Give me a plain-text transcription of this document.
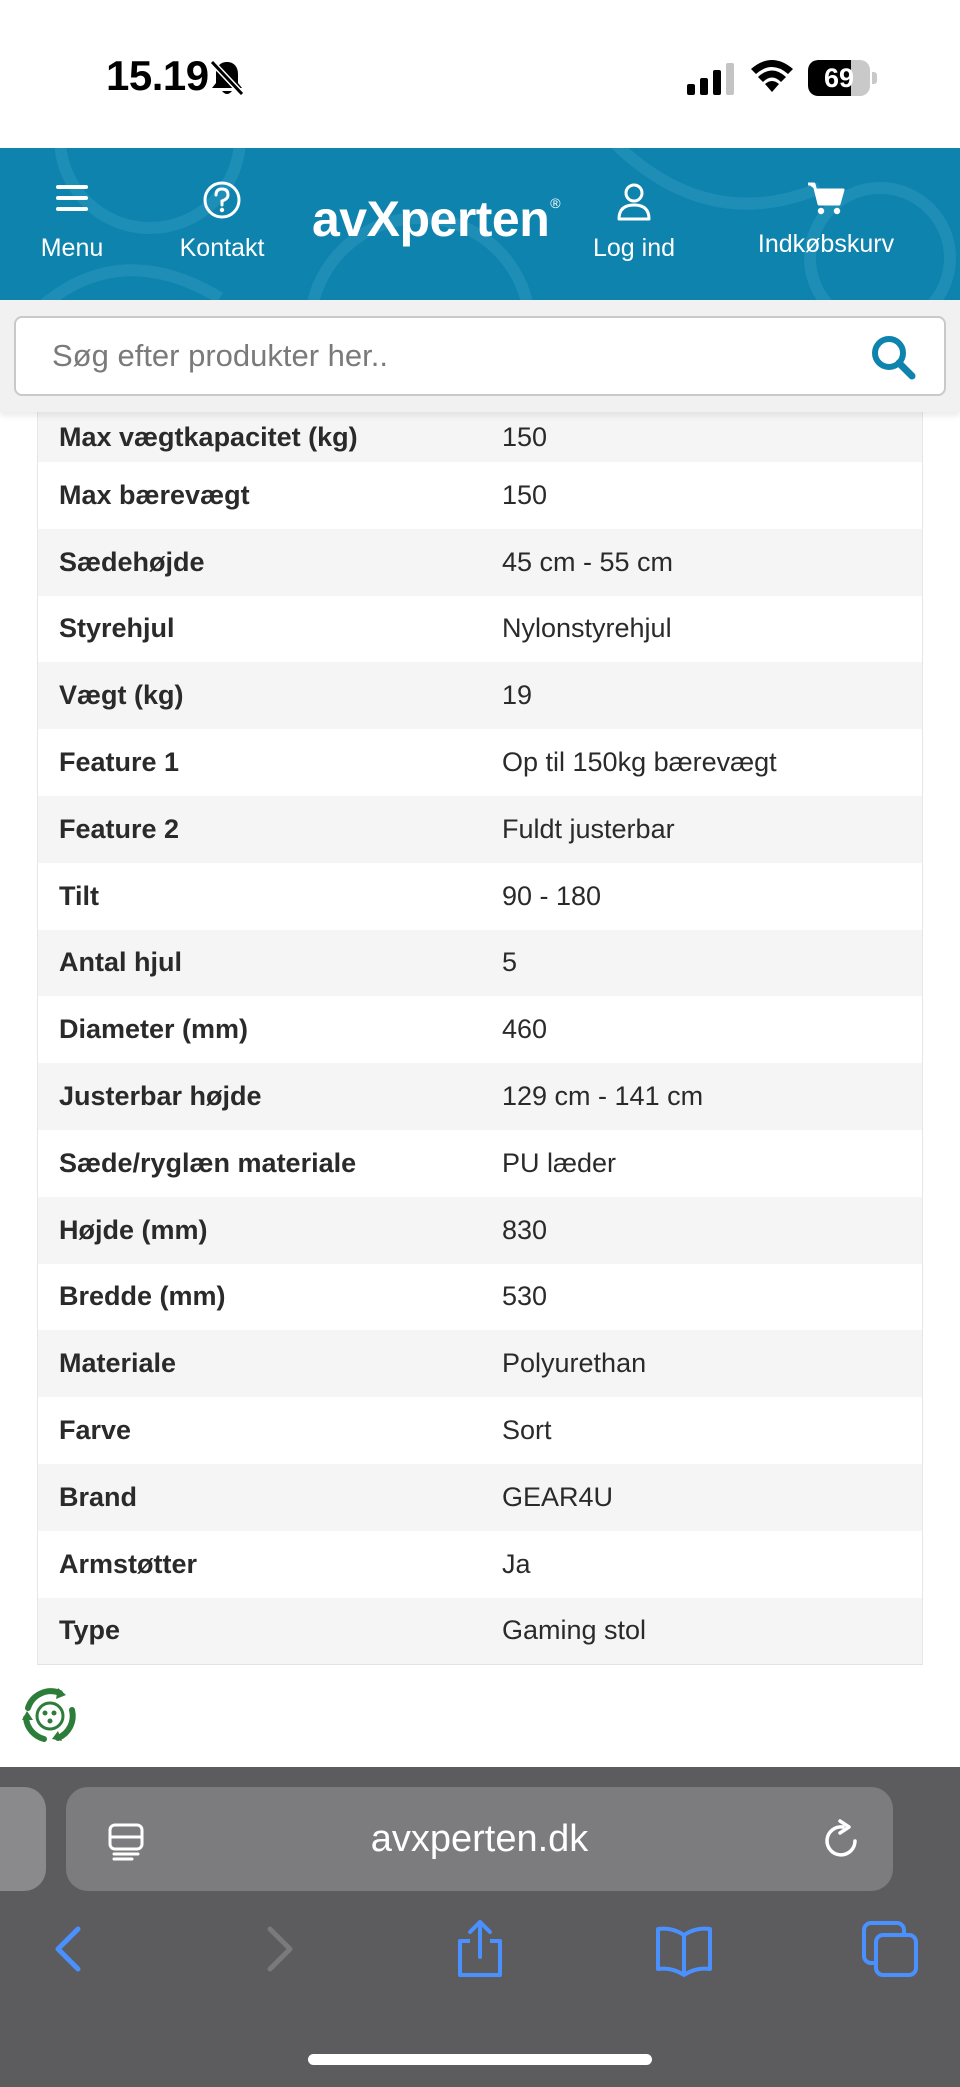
15.19	69
Menu	Kontakt
avXperten®
Log ind	Indkøbskurv
Søg efter produkter her..
Max vægtkapacitet (kg)	150
Max bærevægt	150
Sædehøjde	45 cm - 55 cm
Styrehjul	Nylonstyrehjul
Vægt (kg)	19
Feature 1	Op til 150kg bærevægt
Feature 2	Fuldt justerbar
Tilt	90 - 180
Antal hjul	5
Diameter (mm)	460
Justerbar højde	129 cm - 141 cm
Sæde/ryglæn materiale	PU læder
Højde (mm)	830
Bredde (mm)	530
Materiale	Polyurethan
Farve	Sort
Brand	GEAR4U
Armstøtter	Ja
Type	Gaming stol
avxperten.dk
